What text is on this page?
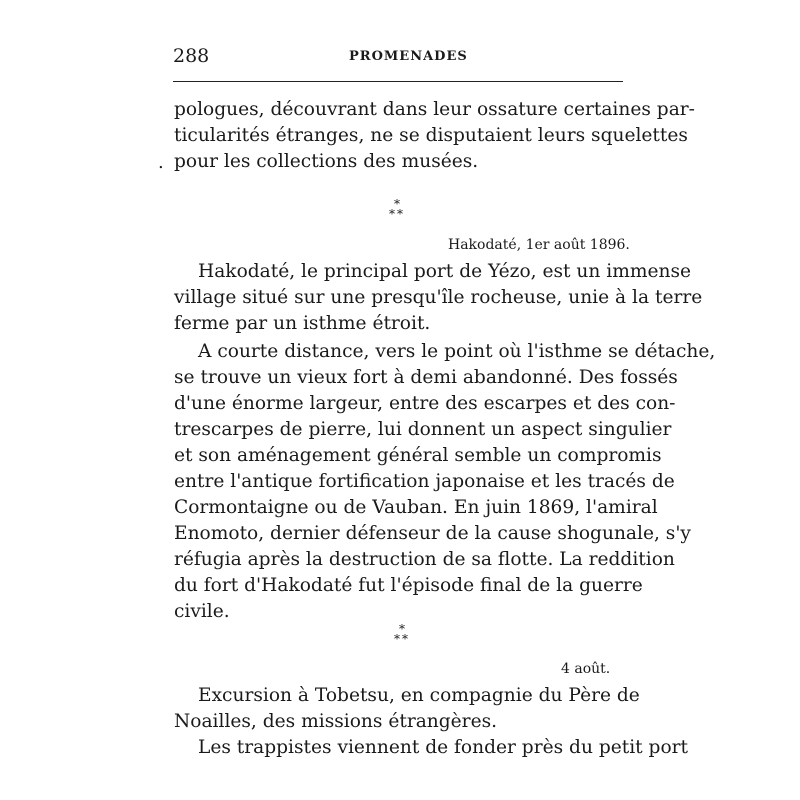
288	PROMENADES
pologues, découvrant dans leur ossature certaines par-
ticularités étranges, ne se disputaient leurs squelettes
. pour les collections des musées.
*
**
Hakodaté, 1er août 1896.
Hakodaté, le principal port de Yézo, est un immense
village situé sur une presqu'île rocheuse, unie à la terre
ferme par un isthme étroit.
A courte distance, vers le point où l'isthme se détache,
se trouve un vieux fort à demi abandonné. Des fossés
d'une énorme largeur, entre des escarpes et des con-
trescarpes de pierre, lui donnent un aspect singulier
et son aménagement général semble un compromis
entre l'antique fortification japonaise et les tracés de
Cormontaigne ou de Vauban. En juin 1869, l'amiral
Enomoto, dernier défenseur de la cause shogunale, s'y
réfugia après la destruction de sa flotte. La reddition
du fort d'Hakodaté fut l'épisode final de la guerre
civile.
*
**
4 août.
Excursion à Tobetsu, en compagnie du Père de
Noailles, des missions étrangères.
Les trappistes viennent de fonder près du petit port
